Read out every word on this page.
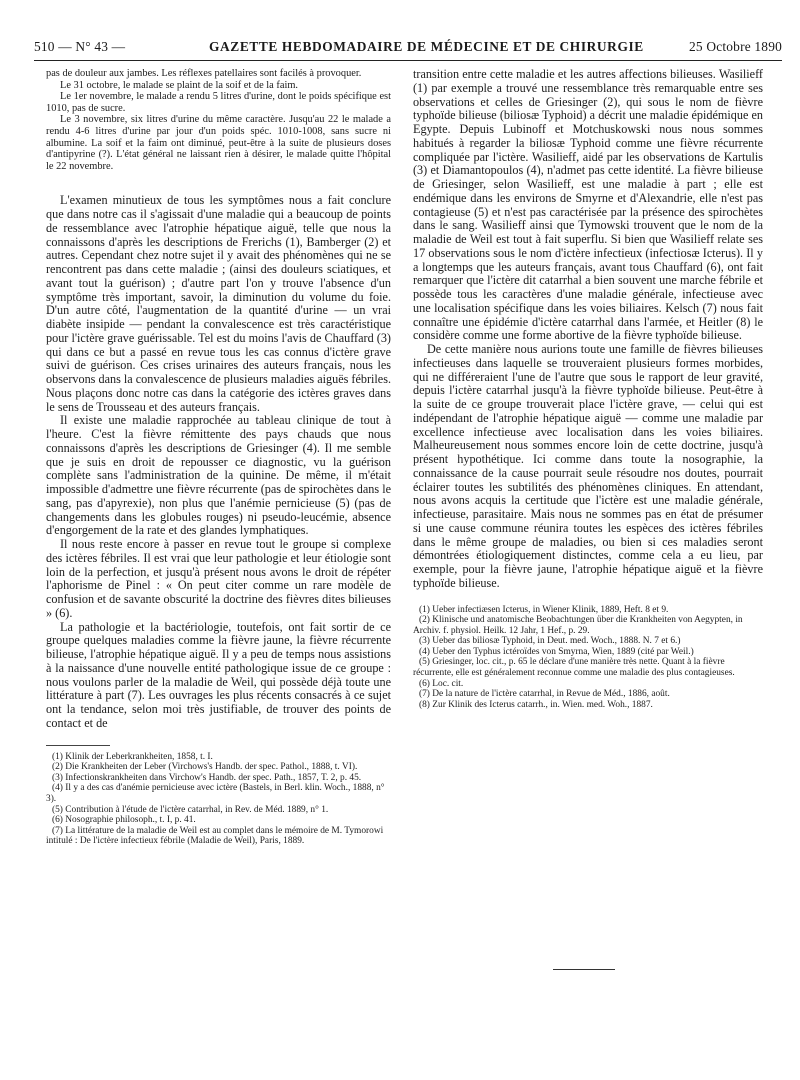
510 — N° 43 —	GAZETTE HEBDOMADAIRE DE MÉDECINE ET DE CHIRURGIE	25 Octobre 1890

pas de douleur aux jambes. Les réflexes patellaires sont facilés à provoquer.

Le 31 octobre, le malade se plaint de la soif et de la faim.

Le 1er novembre, le malade a rendu 5 litres d'urine, dont le poids spécifique est 1010, pas de sucre.

Le 3 novembre, six litres d'urine du même caractère. Jusqu'au 22 le malade a rendu 4-6 litres d'urine par jour d'un poids spéc. 1010-1008, sans sucre ni albumine. La soif et la faim ont diminué, peut-être à la suite de plusieurs doses d'antipyrine (?). L'état général ne laissant rien à désirer, le malade quitte l'hôpital le 22 novembre.

L'examen minutieux de tous les symptômes nous a fait conclure que dans notre cas il s'agissait d'une maladie qui a beaucoup de points de ressemblance avec l'atrophie hépatique aiguë, telle que nous la connaissons d'après les descriptions de Frerichs (1), Bamberger (2) et autres. Cependant chez notre sujet il y avait des phénomènes qui ne se rencontrent pas dans cette maladie ; (ainsi des douleurs sciatiques, et avant tout la guérison) ; d'autre part l'on y trouve l'absence d'un symptôme très important, savoir, la diminution du volume du foie. D'un autre côté, l'augmentation de la quantité d'urine — un vrai diabète insipide — pendant la convalescence est très caractéristique pour l'ictère grave guérissable. Tel est du moins l'avis de Chauffard (3) qui dans ce but a passé en revue tous les cas connus d'ictère grave suivi de guérison. Ces crises urinaires des auteurs français, nous les observons dans la convalescence de plusieurs maladies aiguës fébriles. Nous plaçons donc notre cas dans la catégorie des ictères graves dans le sens de Trousseau et des auteurs français.

Il existe une maladie rapprochée au tableau clinique de tout à l'heure. C'est la fièvre rémittente des pays chauds que nous connaissons d'après les descriptions de Griesinger (4). Il me semble que je suis en droit de repousser ce diagnostic, vu la guérison complète sans l'administration de la quinine. De même, il m'était impossible d'admettre une fièvre récurrente (pas de spirochètes dans le sang, pas d'apyrexie), non plus que l'anémie pernicieuse (5) (pas de changements dans les globules rouges) ni pseudo-leucémie, absence d'engorgement de la rate et des glandes lymphatiques.

Il nous reste encore à passer en revue tout le groupe si complexe des ictères fébriles. Il est vrai que leur pathologie et leur étiologie sont loin de la perfection, et jusqu'à présent nous avons le droit de répéter l'aphorisme de Pinel : « On peut citer comme un rare modèle de confusion et de savante obscurité la doctrine des fièvres dites bilieuses » (6).

La pathologie et la bactériologie, toutefois, ont fait sortir de ce groupe quelques maladies comme la fièvre jaune, la fièvre récurrente bilieuse, l'atrophie hépatique aiguë. Il y a peu de temps nous assistions à la naissance d'une nouvelle entité pathologique issue de ce groupe : nous voulons parler de la maladie de Weil, qui possède déjà toute une littérature à part (7). Les ouvrages les plus récents consacrés à ce sujet ont la tendance, selon moi très justifiable, de trouver des points de contact et de

(1) Klinik der Leberkrankheiten, 1858, t. I.

(2) Die Krankheiten der Leber (Virchows's Handb. der spec. Pathol., 1888, t. VI).

(3) Infectionskrankheiten dans Virchow's Handb. der spec. Path., 1857, T. 2, p. 45.

(4) Il y a des cas d'anémie pernicieuse avec ictère (Bastels, in Berl. klin. Woch., 1888, n° 3).

(5) Contribution à l'étude de l'ictère catarrhal, in Rev. de Méd. 1889, n° 1.

(6) Nosographie philosoph., t. I, p. 41.

(7) La littérature de la maladie de Weil est au complet dans le mémoire de M. Tymorowi intitulé : De l'ictère infectieux fébrile (Maladie de Weil), Paris, 1889.

transition entre cette maladie et les autres affections bilieuses. Wasilieff (1) par exemple a trouvé une ressemblance très remarquable entre ses observations et celles de Griesinger (2), qui sous le nom de fièvre typhoïde bilieuse (biliosæ Typhoid) a décrit une maladie épidémique en Egypte. Depuis Lubinoff et Motchuskowski nous nous sommes habitués à regarder la biliosæ Typhoid comme une fièvre récurrente compliquée par l'ictère. Wasilieff, aidé par les observations de Kartulis (3) et Diamantopoulos (4), n'admet pas cette identité. La fièvre bilieuse de Griesinger, selon Wasilieff, est une maladie à part ; elle est endémique dans les environs de Smyrne et d'Alexandrie, elle n'est pas contagieuse (5) et n'est pas caractérisée par la présence des spirochètes dans le sang. Wasilieff ainsi que Tymowski trouvent que le nom de la maladie de Weil est tout à fait superflu. Si bien que Wasilieff relate ses 17 observations sous le nom d'ictère infectieux (infectiosæ Icterus). Il y a longtemps que les auteurs français, avant tous Chauffard (6), ont fait remarquer que l'ictère dit catarrhal a bien souvent une marche fébrile et possède tous les caractères d'une maladie générale, infectieuse avec une localisation spécifique dans les voies biliaires. Kelsch (7) nous fait connaître une épidémie d'ictère catarrhal dans l'armée, et Heitler (8) le considère comme une forme abortive de la fièvre typhoïde bilieuse.

De cette manière nous aurions toute une famille de fièvres bilieuses infectieuses dans laquelle se trouveraient plusieurs formes morbides, qui ne différeraient l'une de l'autre que sous le rapport de leur gravité, depuis l'ictère catarrhal jusqu'à la fièvre typhoïde bilieuse. Peut-être à la suite de ce groupe trouverait place l'ictère grave, — celui qui est indépendant de l'atrophie hépatique aiguë — comme une maladie par excellence infectieuse avec localisation dans les voies biliaires. Malheureusement nous sommes encore loin de cette doctrine, jusqu'à présent hypothétique. Ici comme dans toute la nosographie, la connaissance de la cause pourrait seule résoudre nos doutes, pourrait éclairer toutes les subtilités des phénomènes cliniques. En attendant, nous avons acquis la certitude que l'ictère est une maladie générale, infectieuse, parasitaire. Mais nous ne sommes pas en état de présumer si une cause commune réunira toutes les espèces des ictères fébriles dans le même groupe de maladies, ou bien si ces maladies seront démontrées étiologiquement distinctes, comme cela a eu lieu, par exemple, pour la fièvre jaune, l'atrophie hépatique aiguë et la fièvre typhoïde bilieuse.

(1) Ueber infectiæsen Icterus, in Wiener Klinik, 1889, Heft. 8 et 9.

(2) Klinische und anatomische Beobachtungen über die Krankheiten von Aegypten, in Archiv. f. physiol. Heilk. 12 Jahr, 1 Hef., p. 29.

(3) Ueber das biliosæ Typhoid, in Deut. med. Woch., 1888. N. 7 et 6.)

(4) Ueber den Typhus ictéroïdes von Smyrna, Wien, 1889 (cité par Weil.)

(5) Griesinger, loc. cit., p. 65 le déclare d'une manière très nette. Quant à la fièvre récurrente, elle est généralement reconnue comme une maladie des plus contagieuses.

(6) Loc. cit.

(7) De la nature de l'ictère catarrhal, in Revue de Méd., 1886, août.

(8) Zur Klinik des Icterus catarrh., in. Wien. med. Woh., 1887.
